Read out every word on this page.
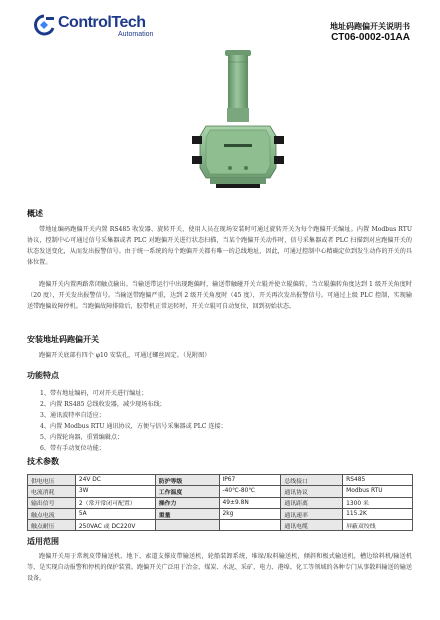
ControlTech
Automation
地址码跑偏开关说明书
CT06-0002-01AA
概述

带地址编码跑偏开关内置 RS485 收发器、旋转开关，使用人员在现场安装时可通过旋转开关为每个跑偏开关编址。内置 Modbus RTU 协议，控制中心可通过信号采集器或者 PLC 对跑偏开关进行状态扫描，当某个跑偏开关动作时，信号采集器或者 PLC 扫描到对应跑偏开关的状态发送变化，从而发出报警信号。由于统一系统的每个跑偏开关都有唯一的总线地址，因此，可通过控制中心精确定位到发生动作的开关的具体位置。

跑偏开关内置两路常闭触点输出。当输送带运行中出现跑偏时，输送带触碰开关立辊并使立辊偏转，当立辊偏转角度达到 1 级开关角度时（20 度），开关发出报警信号。当输送带跑偏严重，达到 2 级开关角度时（45 度），开关再次发出报警信号。可通过上级 PLC 控制，实现输送带跑偏故障停机。当跑偏故障排除后，胶带机正常运转时，开关立辊可自动复位，回到初始状态。

安装地址码跑偏开关

跑偏开关底部有四个 φ10 安装孔，可通过螺丝固定。（见附图）

功能特点
1、带有地址编码，可对开关进行编址；
2、内置 RS485 总线收发器，减少现场布线；
3、通讯波特率自适应；
4、内置 Modbus RTU 通讯协议，方便与信号采集器或 PLC 连接；
5、内置轮询器，重置编辑点；
6、带有手动复位功能；
技术参数
供电电压	24V DC	防护等级	IP67	总线接口	RS485
电流消耗	3W	工作温度	-40℃-80℃	通讯协议	Modbus RTU
输出信号	2（常开常闭可配置）	操作力	49±9.8N	通讯距离	1300 米
触点电流	5A	重量	2kg	通讯速率	115.2K
触点耐压	250VAC 或 DC220V			通讯电缆	屏蔽双绞线
适用范围

跑偏开关用于常规皮带输送机、地下、索道支撑皮带输送机，轮船装卸系统，堆垛/取料输送机，倾斜和极式输送机，槽边给料机/输送机等，是实现自动报警和停机的保护装置。跑偏开关广泛用于冶金、煤炭、水泥、采矿、电力、港埠、化工等领域的各种专门从事散料输送的输送设备。
